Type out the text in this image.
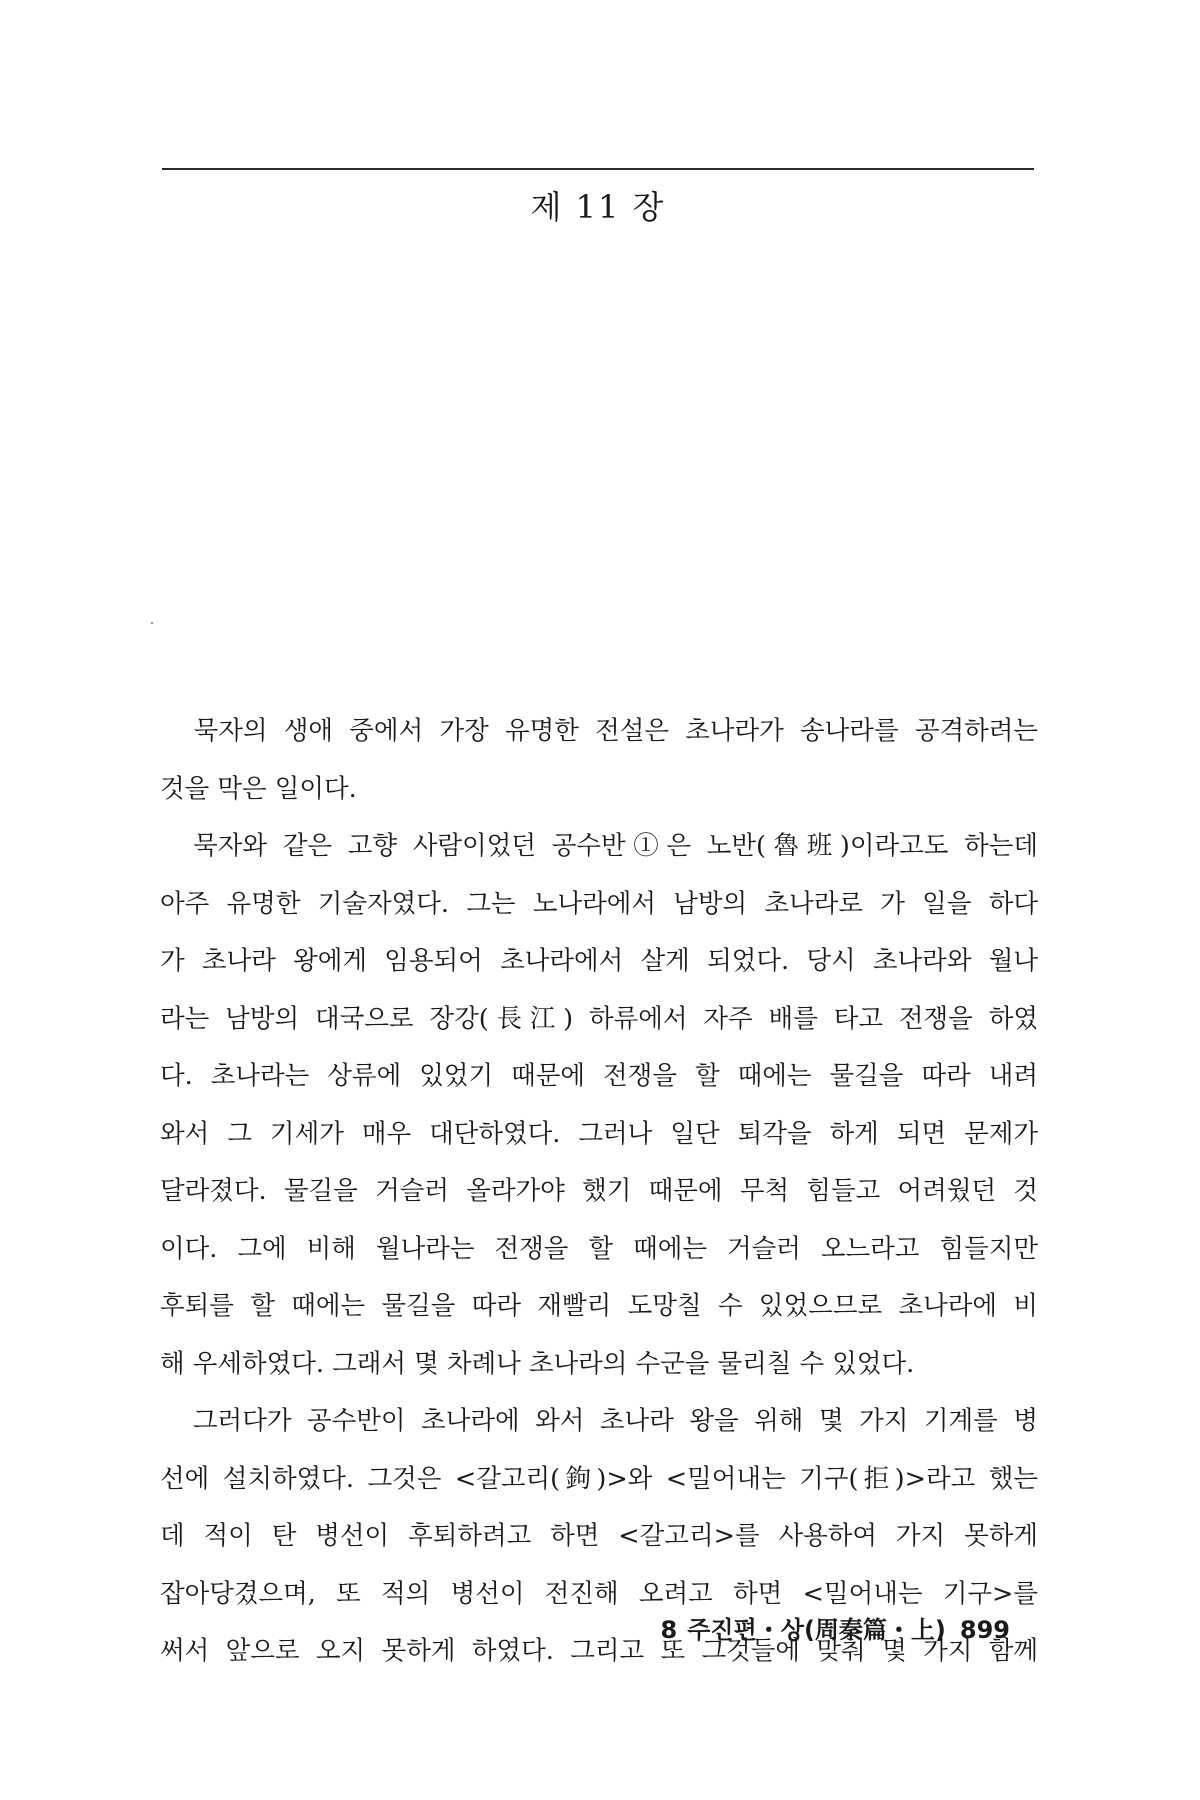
제 11 장
　묵자의 생애 중에서 가장 유명한 전설은 초나라가 송나라를 공격하려는
것을 막은 일이다.
　묵자와 같은 고향 사람이었던 공수반①은 노반(魯班)이라고도 하는데
아주 유명한 기술자였다. 그는 노나라에서 남방의 초나라로 가 일을 하다
가 초나라 왕에게 임용되어 초나라에서 살게 되었다. 당시 초나라와 월나
라는 남방의 대국으로 장강(長江) 하류에서 자주 배를 타고 전쟁을 하였
다. 초나라는 상류에 있었기 때문에 전쟁을 할 때에는 물길을 따라 내려
와서 그 기세가 매우 대단하였다. 그러나 일단 퇴각을 하게 되면 문제가
달라졌다. 물길을 거슬러 올라가야 했기 때문에 무척 힘들고 어려웠던 것
이다. 그에 비해 월나라는 전쟁을 할 때에는 거슬러 오느라고 힘들지만
후퇴를 할 때에는 물길을 따라 재빨리 도망칠 수 있었으므로 초나라에 비
해 우세하였다. 그래서 몇 차례나 초나라의 수군을 물리칠 수 있었다.
　그러다가 공수반이 초나라에 와서 초나라 왕을 위해 몇 가지 기계를 병
선에 설치하였다. 그것은 <갈고리(鉤)>와 <밀어내는 기구(拒)>라고 했는
데 적이 탄 병선이 후퇴하려고 하면 <갈고리>를 사용하여 가지 못하게
잡아당겼으며, 또 적의 병선이 전진해 오려고 하면 <밀어내는 기구>를
써서 앞으로 오지 못하게 하였다. 그리고 또 그것들에 맞춰 몇 가지 함께
8 주진편・상(周秦篇・上) 899
